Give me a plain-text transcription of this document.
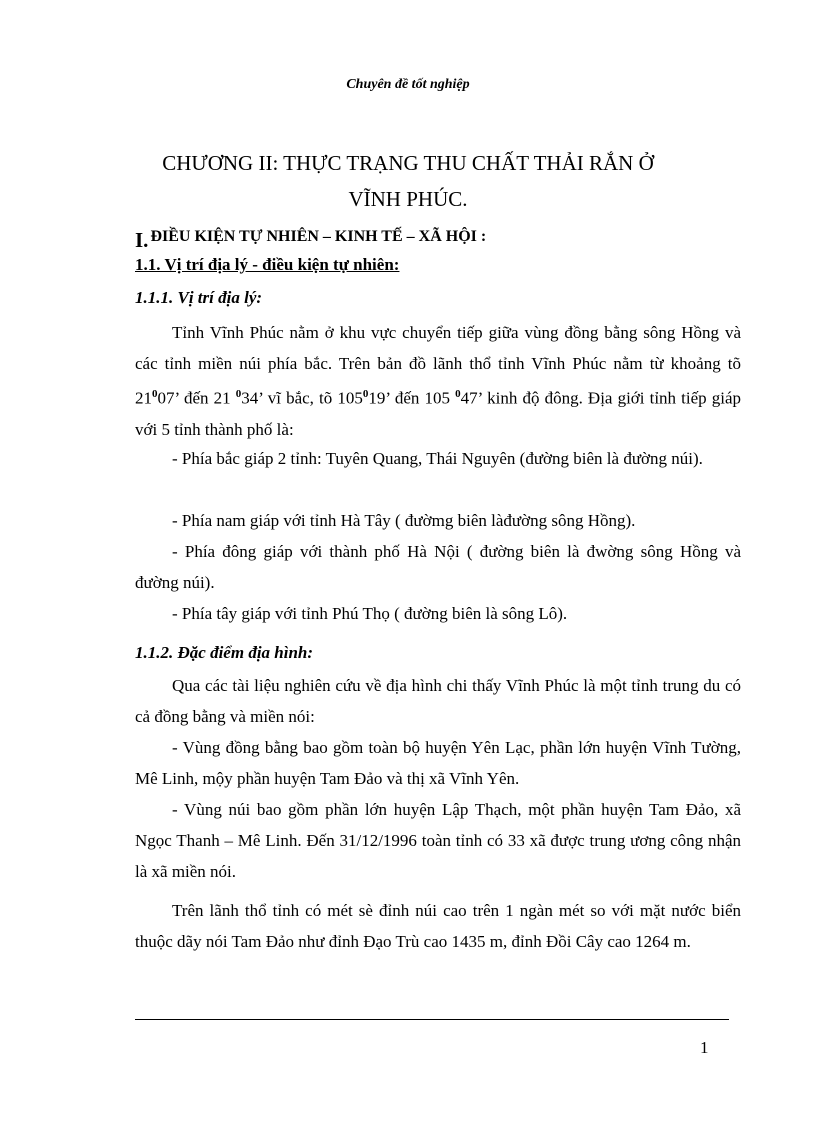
Chuyên đề tốt nghiệp
CHƯƠNG II: THỰC TRẠNG THU CHẤT THẢI RẮN Ở
VĨNH PHÚC.
I. ĐIỀU KIỆN TỰ NHIÊN – KINH TẾ – XÃ HỘI :
1.1. Vị trí địa lý - điều kiện tự nhiên:
1.1.1. Vị trí địa lý:
Tỉnh Vĩnh Phúc nằm ở khu vực chuyển tiếp giữa vùng đồng bằng sông Hồng và các tỉnh miền núi phía bắc. Trên bản đồ lãnh thổ tỉnh Vĩnh Phúc nằm từ khoảng tõ $21^007$’ đến 21 $^0$34’ vĩ bắc, tõ $105^019$’ đến 105 $^0$47’ kinh độ đông. Địa giới tỉnh tiếp giáp với 5 tỉnh thành phố là:
- Phía bắc giáp 2 tỉnh: Tuyên Quang, Thái Nguyên (đường biên là đường núi).
- Phía nam giáp với tỉnh Hà Tây ( đườmg biên làđường sông Hồng).
- Phía đông giáp với thành phố Hà Nội ( đường biên là đwờng sông Hồng và đường núi).
- Phía tây giáp với tỉnh Phú Thọ ( đường biên là sông Lô).
1.1.2. Đặc điểm địa hình:
Qua các tài liệu nghiên cứu về địa hình chi thấy Vĩnh Phúc là một tỉnh trung du có cả đồng bằng và miền nói:
- Vùng đồng bằng bao gồm toàn bộ huyện Yên Lạc, phần lớn huyện Vĩnh Tường, Mê Linh, mộy phần huyện Tam Đảo và thị xã Vĩnh Yên.
- Vùng núi bao gồm phần lớn huyện Lập Thạch, một phần huyện Tam Đảo, xã Ngọc Thanh – Mê Linh. Đến 31/12/1996 toàn tỉnh có 33 xã được trung ương công nhận là xã miền nói.
Trên lãnh thổ tỉnh có mét sè đỉnh núi cao trên 1 ngàn mét so với mặt nước biển thuộc dãy nói Tam Đảo như đỉnh Đạo Trù cao 1435 m, đỉnh Đồi Cây cao 1264 m.
1
